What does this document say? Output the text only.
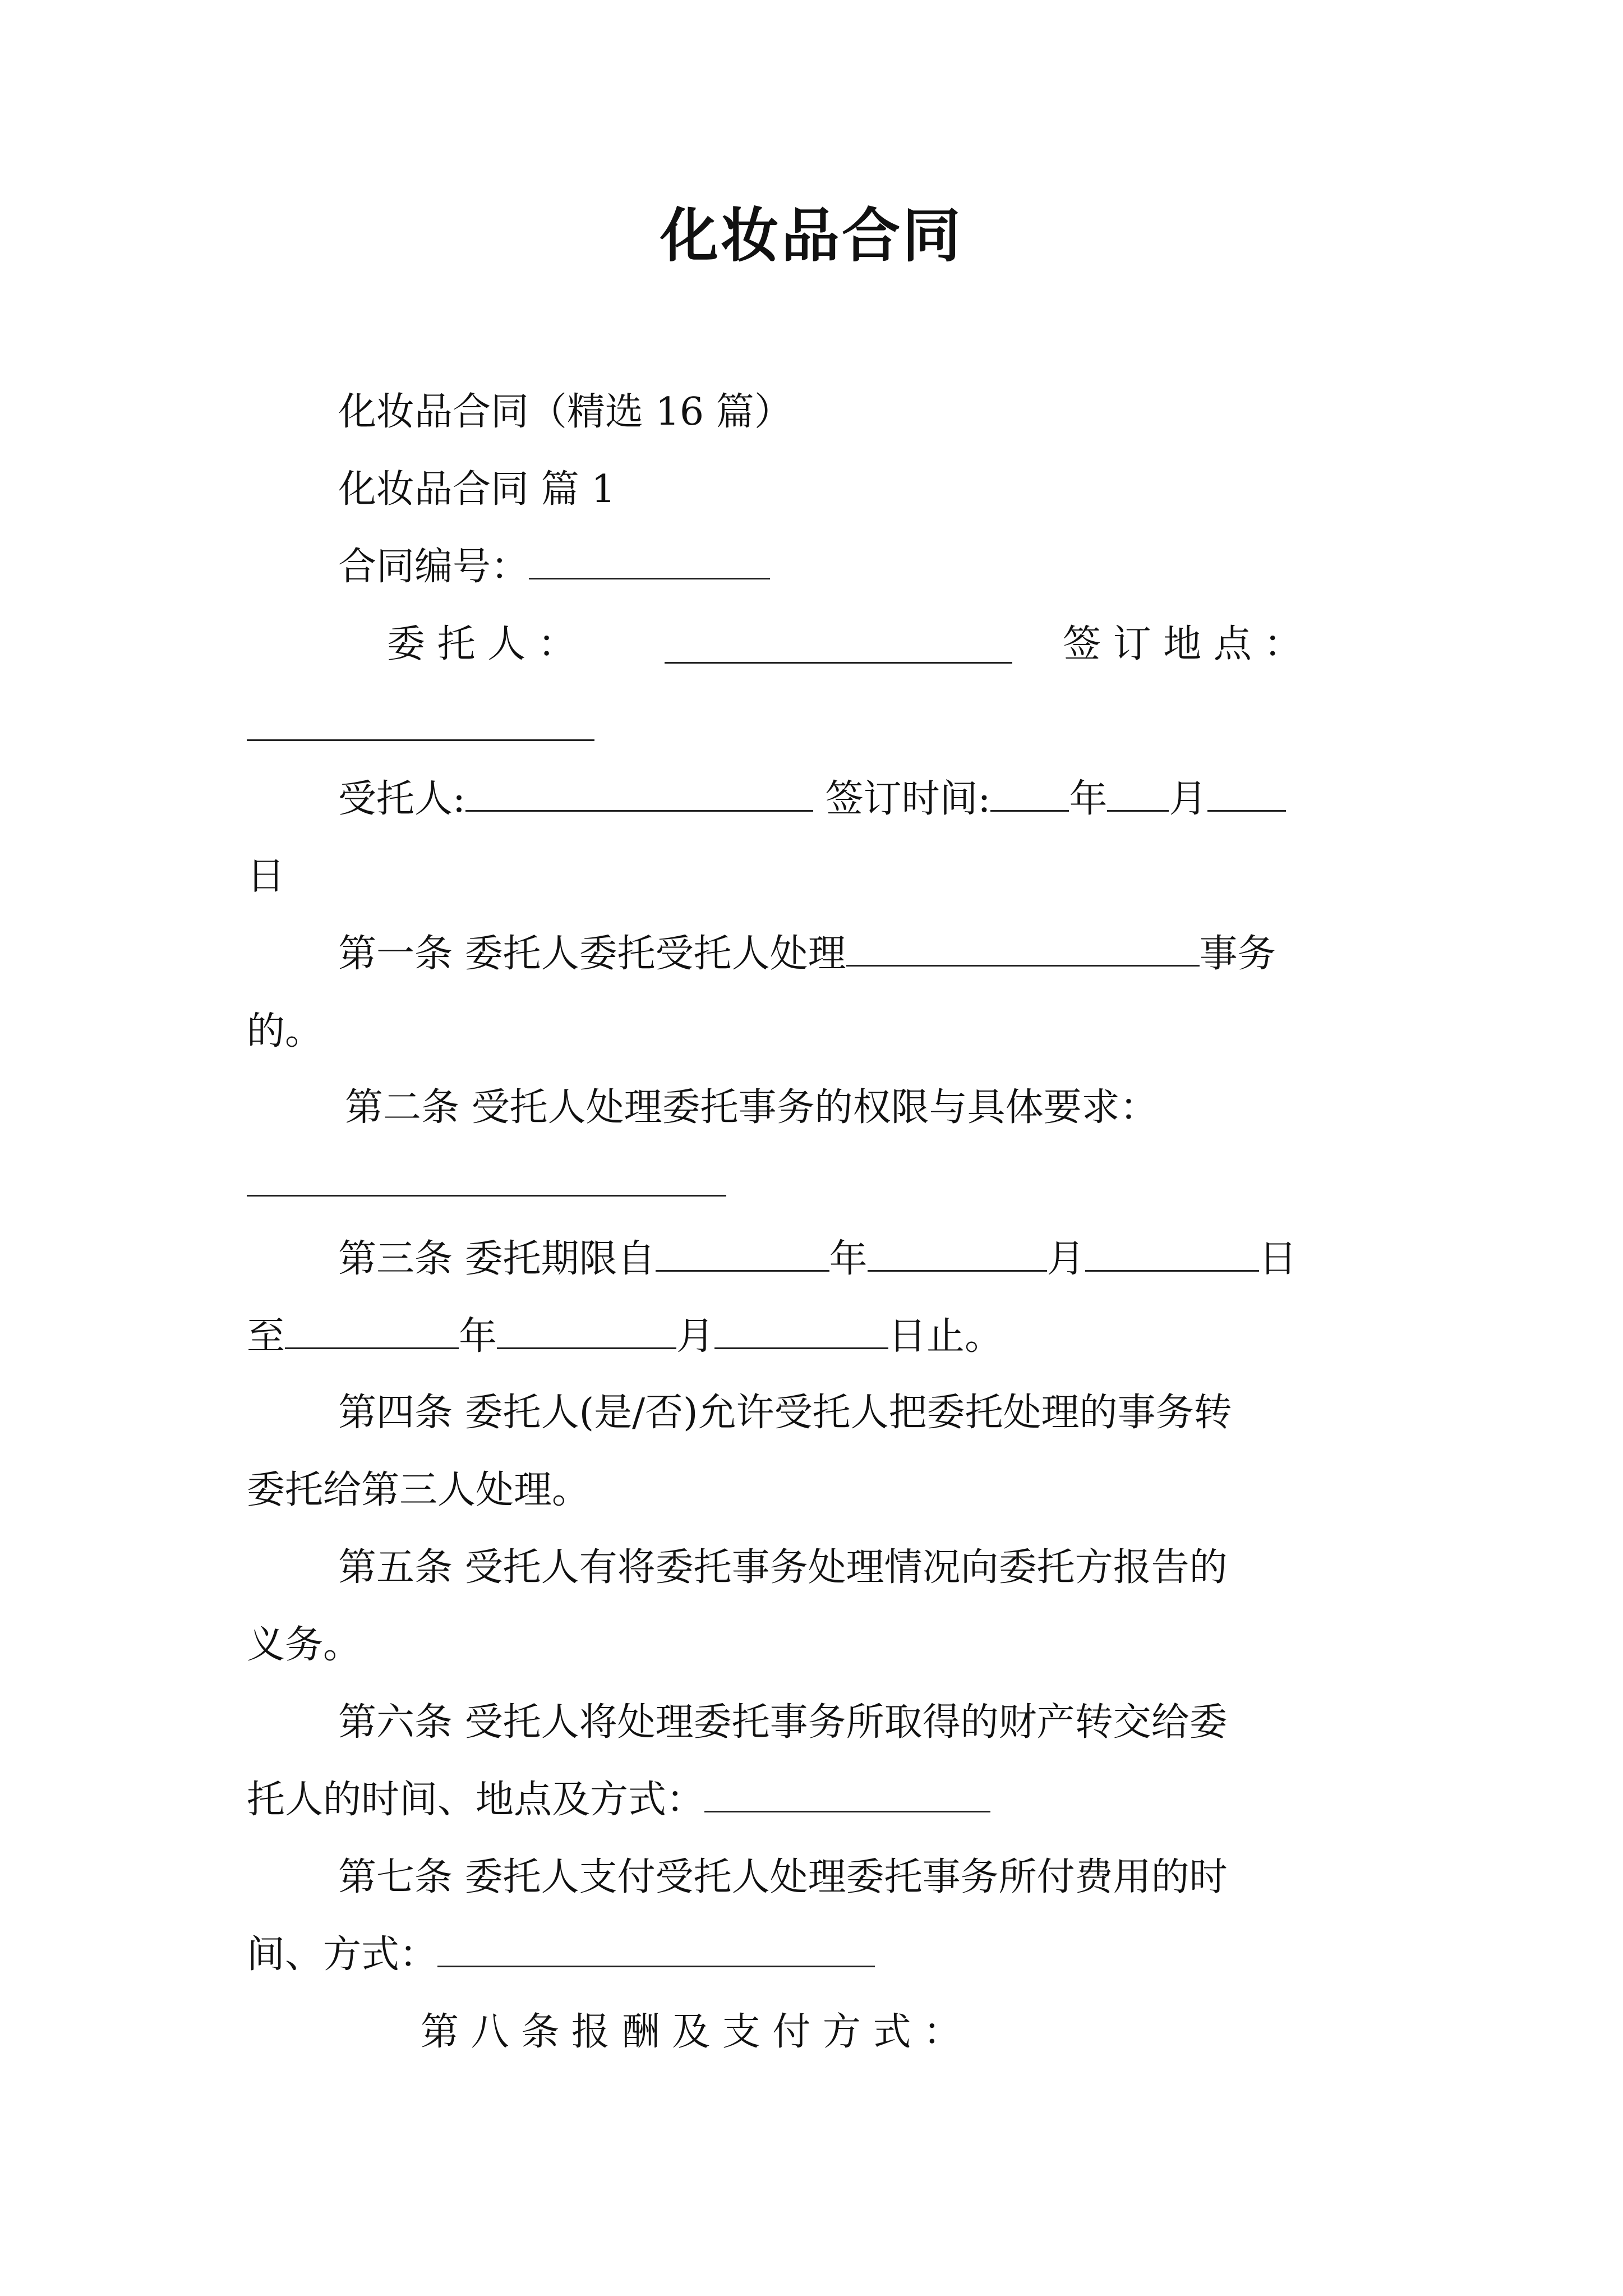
化妆品合同
化妆品合同（精选 16 篇）
化妆品合同 篇 1
合同编号：
委 托 人 ：	签 订 地 点 ：
受托人:	签订时间: 年 月
日
第一条 委托人委托受托人处理	事务
的。
第二条 受托人处理委托事务的权限与具体要求：
第三条 委托期限自	年	月	日
至	年	月	日止。
第四条 委托人(是/否)允许受托人把委托处理的事务转
委托给第三人处理。
第五条 受托人有将委托事务处理情况向委托方报告的
义务。
第六条 受托人将处理委托事务所取得的财产转交给委
托人的时间、地点及方式：
第七条 委托人支付受托人处理委托事务所付费用的时
间、方式：
第 八 条 报 酬 及 支 付 方 式 ：
